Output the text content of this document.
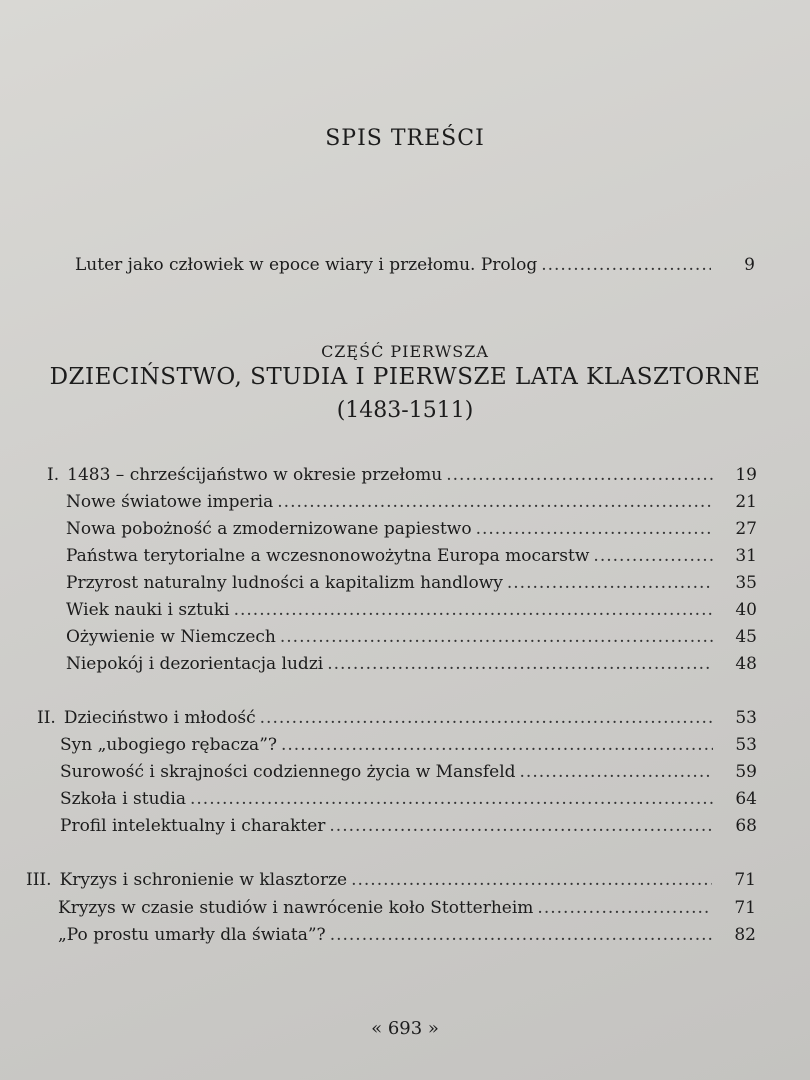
SPIS TREŚCI
Luter jako człowiek w epoce wiary i przełomu. Prolog .....	9
CZĘŚĆ PIERWSZA
DZIECIŃSTWO, STUDIA I PIERWSZE LATA KLASZTORNE
(1483-1511)
I. 1483 – chrześcijaństwo w okresie przełomu .....	19
Nowe światowe imperia .....	21
Nowa pobożność a zmodernizowane papiestwo .....	27
Państwa terytorialne a wczesnonowożytna Europa mocarstw .....	31
Przyrost naturalny ludności a kapitalizm handlowy .....	35
Wiek nauki i sztuki .....	40
Ożywienie w Niemczech .....	45
Niepokój i dezorientacja ludzi .....	48
II. Dzieciństwo i młodość .....	53
Syn „ubogiego rębacza”? .....	53
Surowość i skrajności codziennego życia w Mansfeld .....	59
Szkoła i studia .....	64
Profil intelektualny i charakter .....	68
III. Kryzys i schronienie w klasztorze .....	71
Kryzys w czasie studiów i nawrócenie koło Stotterheim .....	71
„Po prostu umarły dla świata”? .....	82
« 693 »
